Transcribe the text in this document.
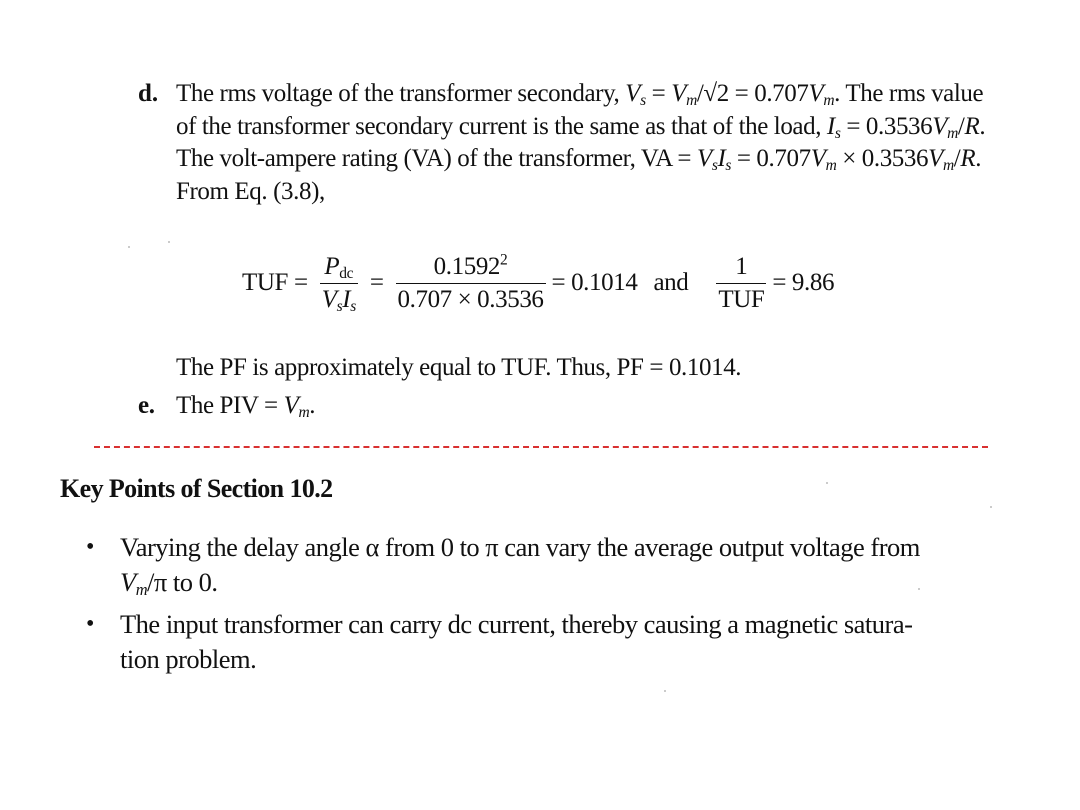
d. The rms voltage of the transformer secondary, $V_s = V_m/√2 = 0.707V_m$. The rms value
of the transformer secondary current is the same as that of the load, $I_s = 0.3536V_m/R$.
The volt-ampere rating (VA) of the transformer, VA = $V_sI_s = 0.707V_m \times 0.3536V_m/R$.
From Eq. (3.8),
TUF = $\frac{P_{dc}}{V_sI_s} = \frac{0.1592^2}{0.707 \times 0.3536} = 0.1014$ and $\frac{1}{\text{TUF}} = 9.86$
The PF is approximately equal to TUF. Thus, PF = 0.1014.
e. The PIV = $V_m$.
Key Points of Section 10.2
• Varying the delay angle α from 0 to π can vary the average output voltage from
$V_m/\pi$ to 0.
• The input transformer can carry dc current, thereby causing a magnetic satura-
tion problem.
